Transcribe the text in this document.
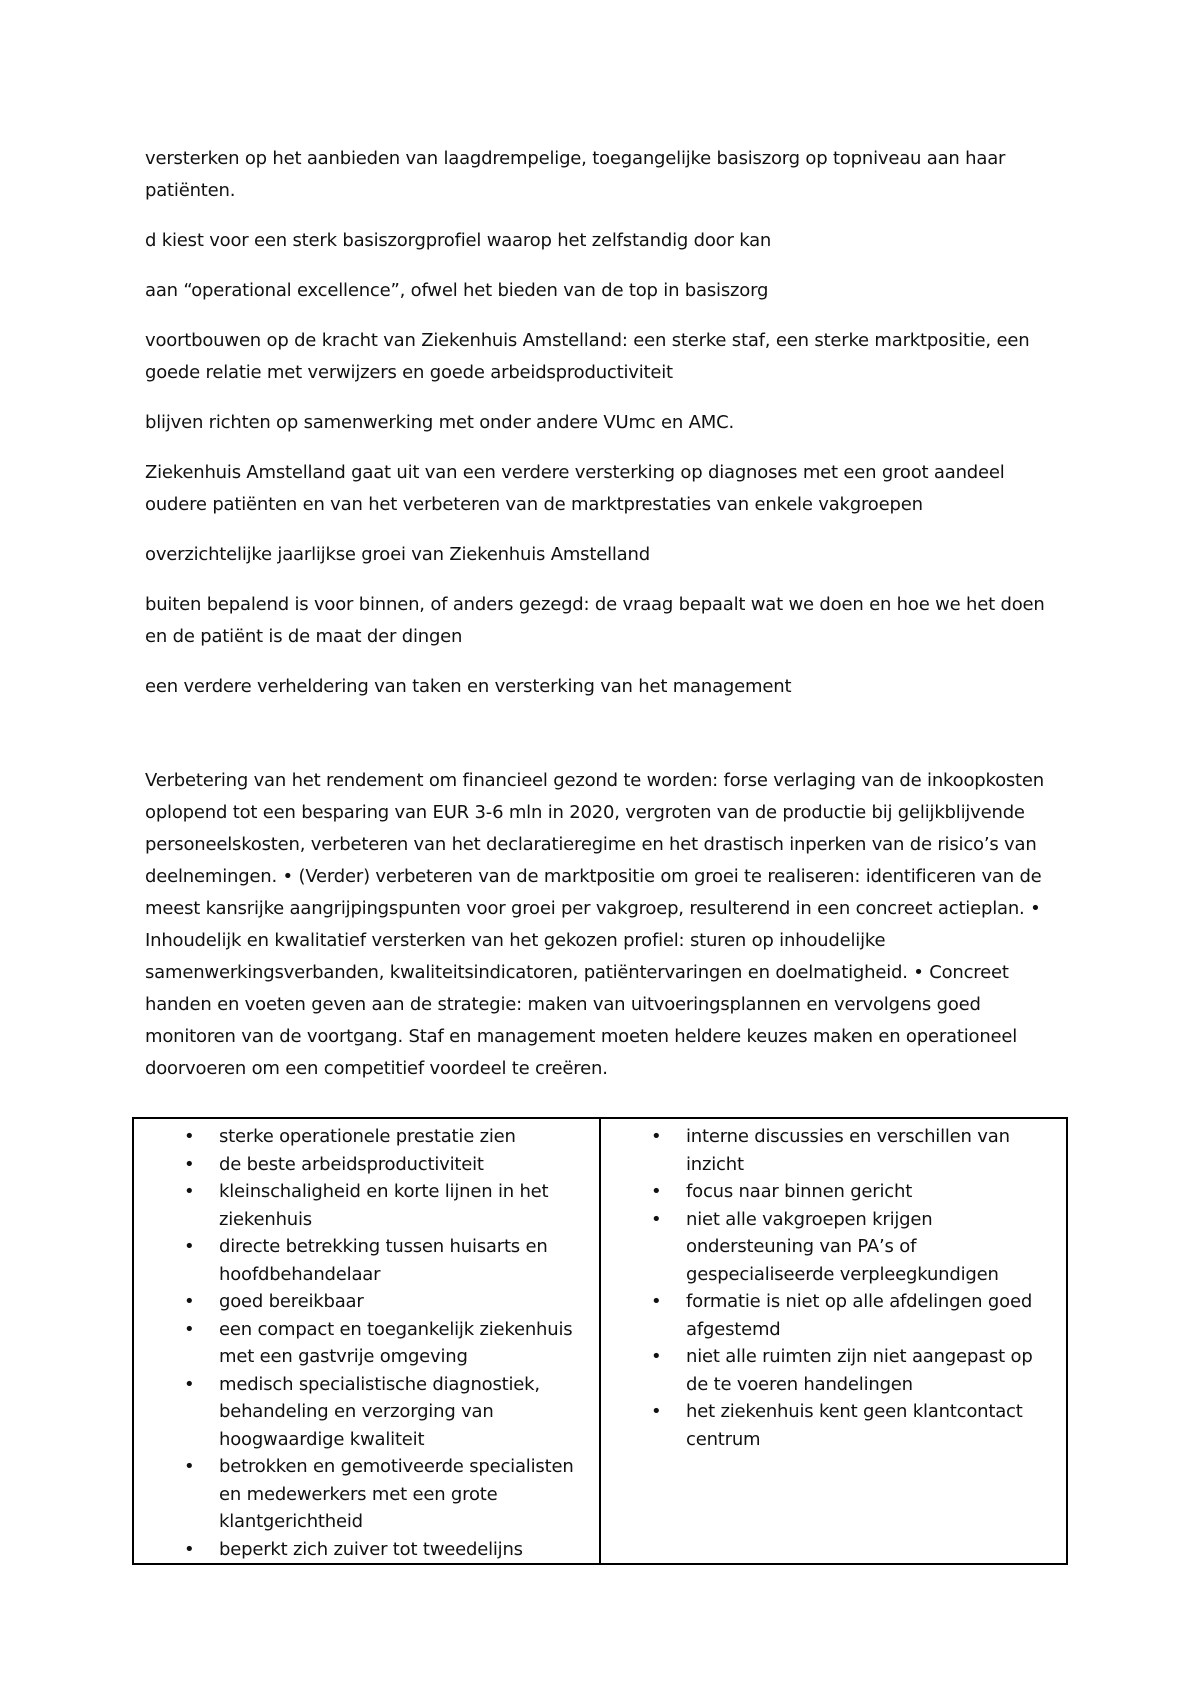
versterken op het aanbieden van laagdrempelige, toegangelijke basiszorg op topniveau aan haar patiënten.

d kiest voor een sterk basiszorgprofiel waarop het zelfstandig door kan

aan “operational excellence”, ofwel het bieden van de top in basiszorg

voortbouwen op de kracht van Ziekenhuis Amstelland: een sterke staf, een sterke marktpositie, een goede relatie met verwijzers en goede arbeidsproductiviteit

blijven richten op samenwerking met onder andere VUmc en AMC.

Ziekenhuis Amstelland gaat uit van een verdere versterking op diagnoses met een groot aandeel oudere patiënten en van het verbeteren van de marktprestaties van enkele vakgroepen

overzichtelijke jaarlijkse groei van Ziekenhuis Amstelland

buiten bepalend is voor binnen, of anders gezegd: de vraag bepaalt wat we doen en hoe we het doen en de patiënt is de maat der dingen

een verdere verheldering van taken en versterking van het management

Verbetering van het rendement om financieel gezond te worden: forse verlaging van de inkoopkosten oplopend tot een besparing van EUR 3-6 mln in 2020, vergroten van de productie bij gelijkblijvende personeelskosten, verbeteren van het declaratieregime en het drastisch inperken van de risico’s van deelnemingen. • (Verder) verbeteren van de marktpositie om groei te realiseren: identificeren van de meest kansrijke aangrijpingspunten voor groei per vakgroep, resulterend in een concreet actieplan. • Inhoudelijk en kwalitatief versterken van het gekozen profiel: sturen op inhoudelijke samenwerkingsverbanden, kwaliteitsindicatoren, patiëntervaringen en doelmatigheid. • Concreet handen en voeten geven aan de strategie: maken van uitvoeringsplannen en vervolgens goed monitoren van de voortgang. Staf en management moeten heldere keuzes maken en operationeel doorvoeren om een competitief voordeel te creëren.

• sterke operationele prestatie zien
• de beste arbeidsproductiviteit
• kleinschaligheid en korte lijnen in het ziekenhuis
• directe betrekking tussen huisarts en hoofdbehandelaar
• goed bereikbaar
• een compact en toegankelijk ziekenhuis met een gastvrije omgeving
• medisch specialistische diagnostiek, behandeling en verzorging van hoogwaardige kwaliteit
• betrokken en gemotiveerde specialisten en medewerkers met een grote klantgerichtheid
• beperkt zich zuiver tot tweedelijns

• interne discussies en verschillen van inzicht
• focus naar binnen gericht
• niet alle vakgroepen krijgen ondersteuning van PA’s of gespecialiseerde verpleegkundigen
• formatie is niet op alle afdelingen goed afgestemd
• niet alle ruimten zijn niet aangepast op de te voeren handelingen
• het ziekenhuis kent geen klantcontact centrum
